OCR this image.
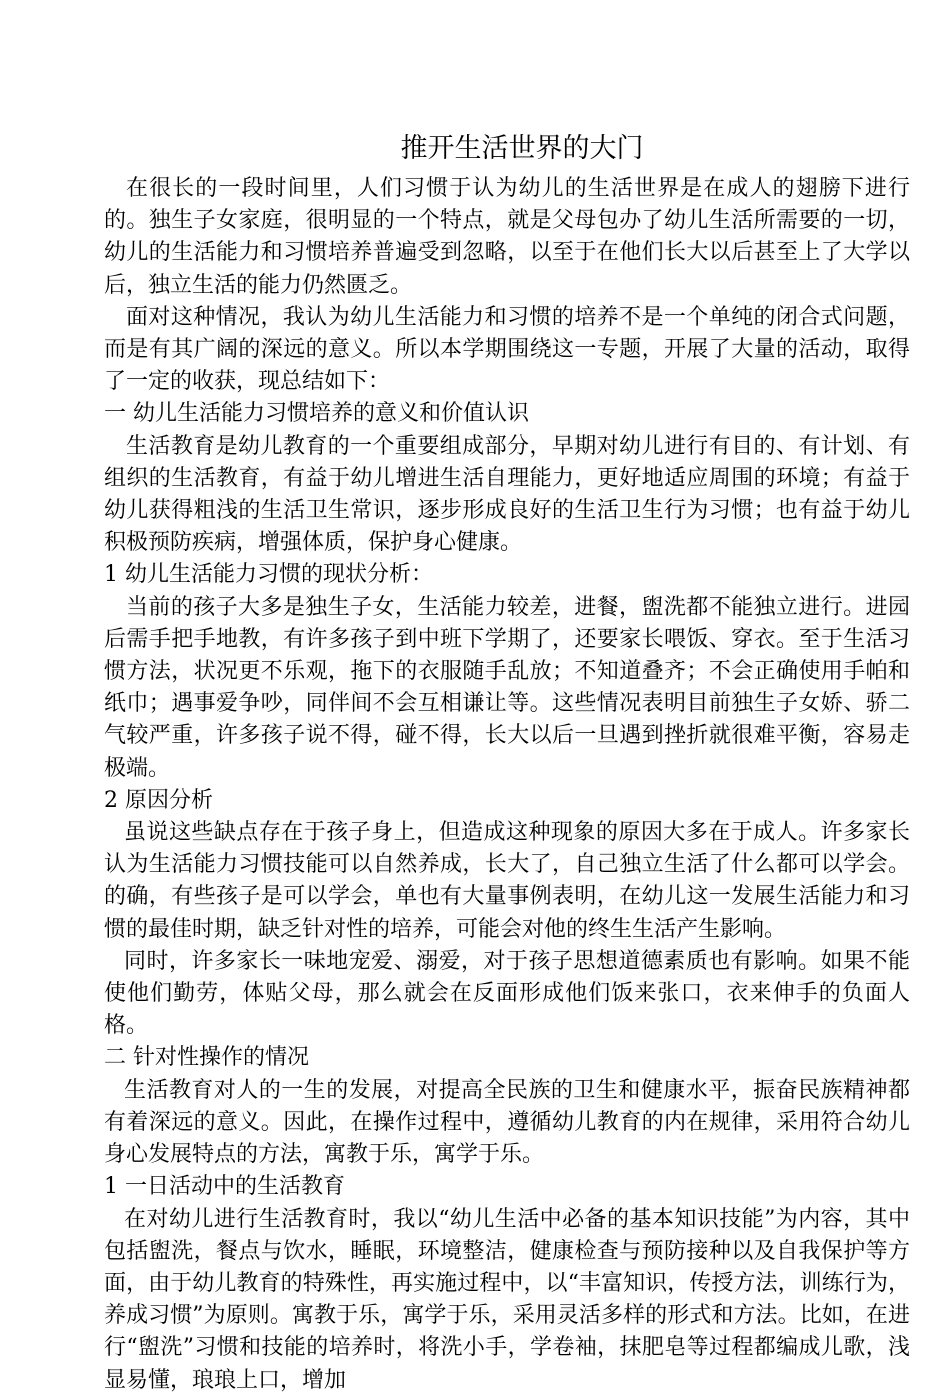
推开生活世界的大门

在很长的一段时间里，人们习惯于认为幼儿的生活世界是在成人的翅膀下进行的。独生子女家庭，很明显的一个特点，就是父母包办了幼儿生活所需要的一切，幼儿的生活能力和习惯培养普遍受到忽略，以至于在他们长大以后甚至上了大学以后，独立生活的能力仍然匮乏。

面对这种情况，我认为幼儿生活能力和习惯的培养不是一个单纯的闭合式问题，而是有其广阔的深远的意义。所以本学期围绕这一专题，开展了大量的活动，取得了一定的收获，现总结如下：

一 幼儿生活能力习惯培养的意义和价值认识

生活教育是幼儿教育的一个重要组成部分，早期对幼儿进行有目的、有计划、有组织的生活教育，有益于幼儿增进生活自理能力，更好地适应周围的环境；有益于幼儿获得粗浅的生活卫生常识，逐步形成良好的生活卫生行为习惯；也有益于幼儿积极预防疾病，增强体质，保护身心健康。

1 幼儿生活能力习惯的现状分析：

当前的孩子大多是独生子女，生活能力较差，进餐，盥洗都不能独立进行。进园后需手把手地教，有许多孩子到中班下学期了，还要家长喂饭、穿衣。至于生活习惯方法，状况更不乐观，拖下的衣服随手乱放；不知道叠齐；不会正确使用手帕和纸巾；遇事爱争吵，同伴间不会互相谦让等。这些情况表明目前独生子女娇、骄二气较严重，许多孩子说不得，碰不得，长大以后一旦遇到挫折就很难平衡，容易走极端。

2 原因分析

虽说这些缺点存在于孩子身上，但造成这种现象的原因大多在于成人。许多家长认为生活能力习惯技能可以自然养成，长大了，自己独立生活了什么都可以学会。的确，有些孩子是可以学会，单也有大量事例表明，在幼儿这一发展生活能力和习惯的最佳时期，缺乏针对性的培养，可能会对他的终生生活产生影响。

同时，许多家长一味地宠爱、溺爱，对于孩子思想道德素质也有影响。如果不能使他们勤劳，体贴父母，那么就会在反面形成他们饭来张口，衣来伸手的负面人格。

二 针对性操作的情况

生活教育对人的一生的发展，对提高全民族的卫生和健康水平，振奋民族精神都有着深远的意义。因此，在操作过程中，遵循幼儿教育的内在规律，采用符合幼儿身心发展特点的方法，寓教于乐，寓学于乐。

1 一日活动中的生活教育

在对幼儿进行生活教育时，我以“幼儿生活中必备的基本知识技能”为内容，其中包括盥洗，餐点与饮水，睡眠，环境整洁，健康检查与预防接种以及自我保护等方面，由于幼儿教育的特殊性，再实施过程中，以“丰富知识，传授方法，训练行为，养成习惯”为原则。寓教于乐，寓学于乐，采用灵活多样的形式和方法。比如，在进行“盥洗”习惯和技能的培养时，将洗小手，学卷袖，抹肥皂等过程都编成儿歌，浅显易懂，琅琅上口，增加
